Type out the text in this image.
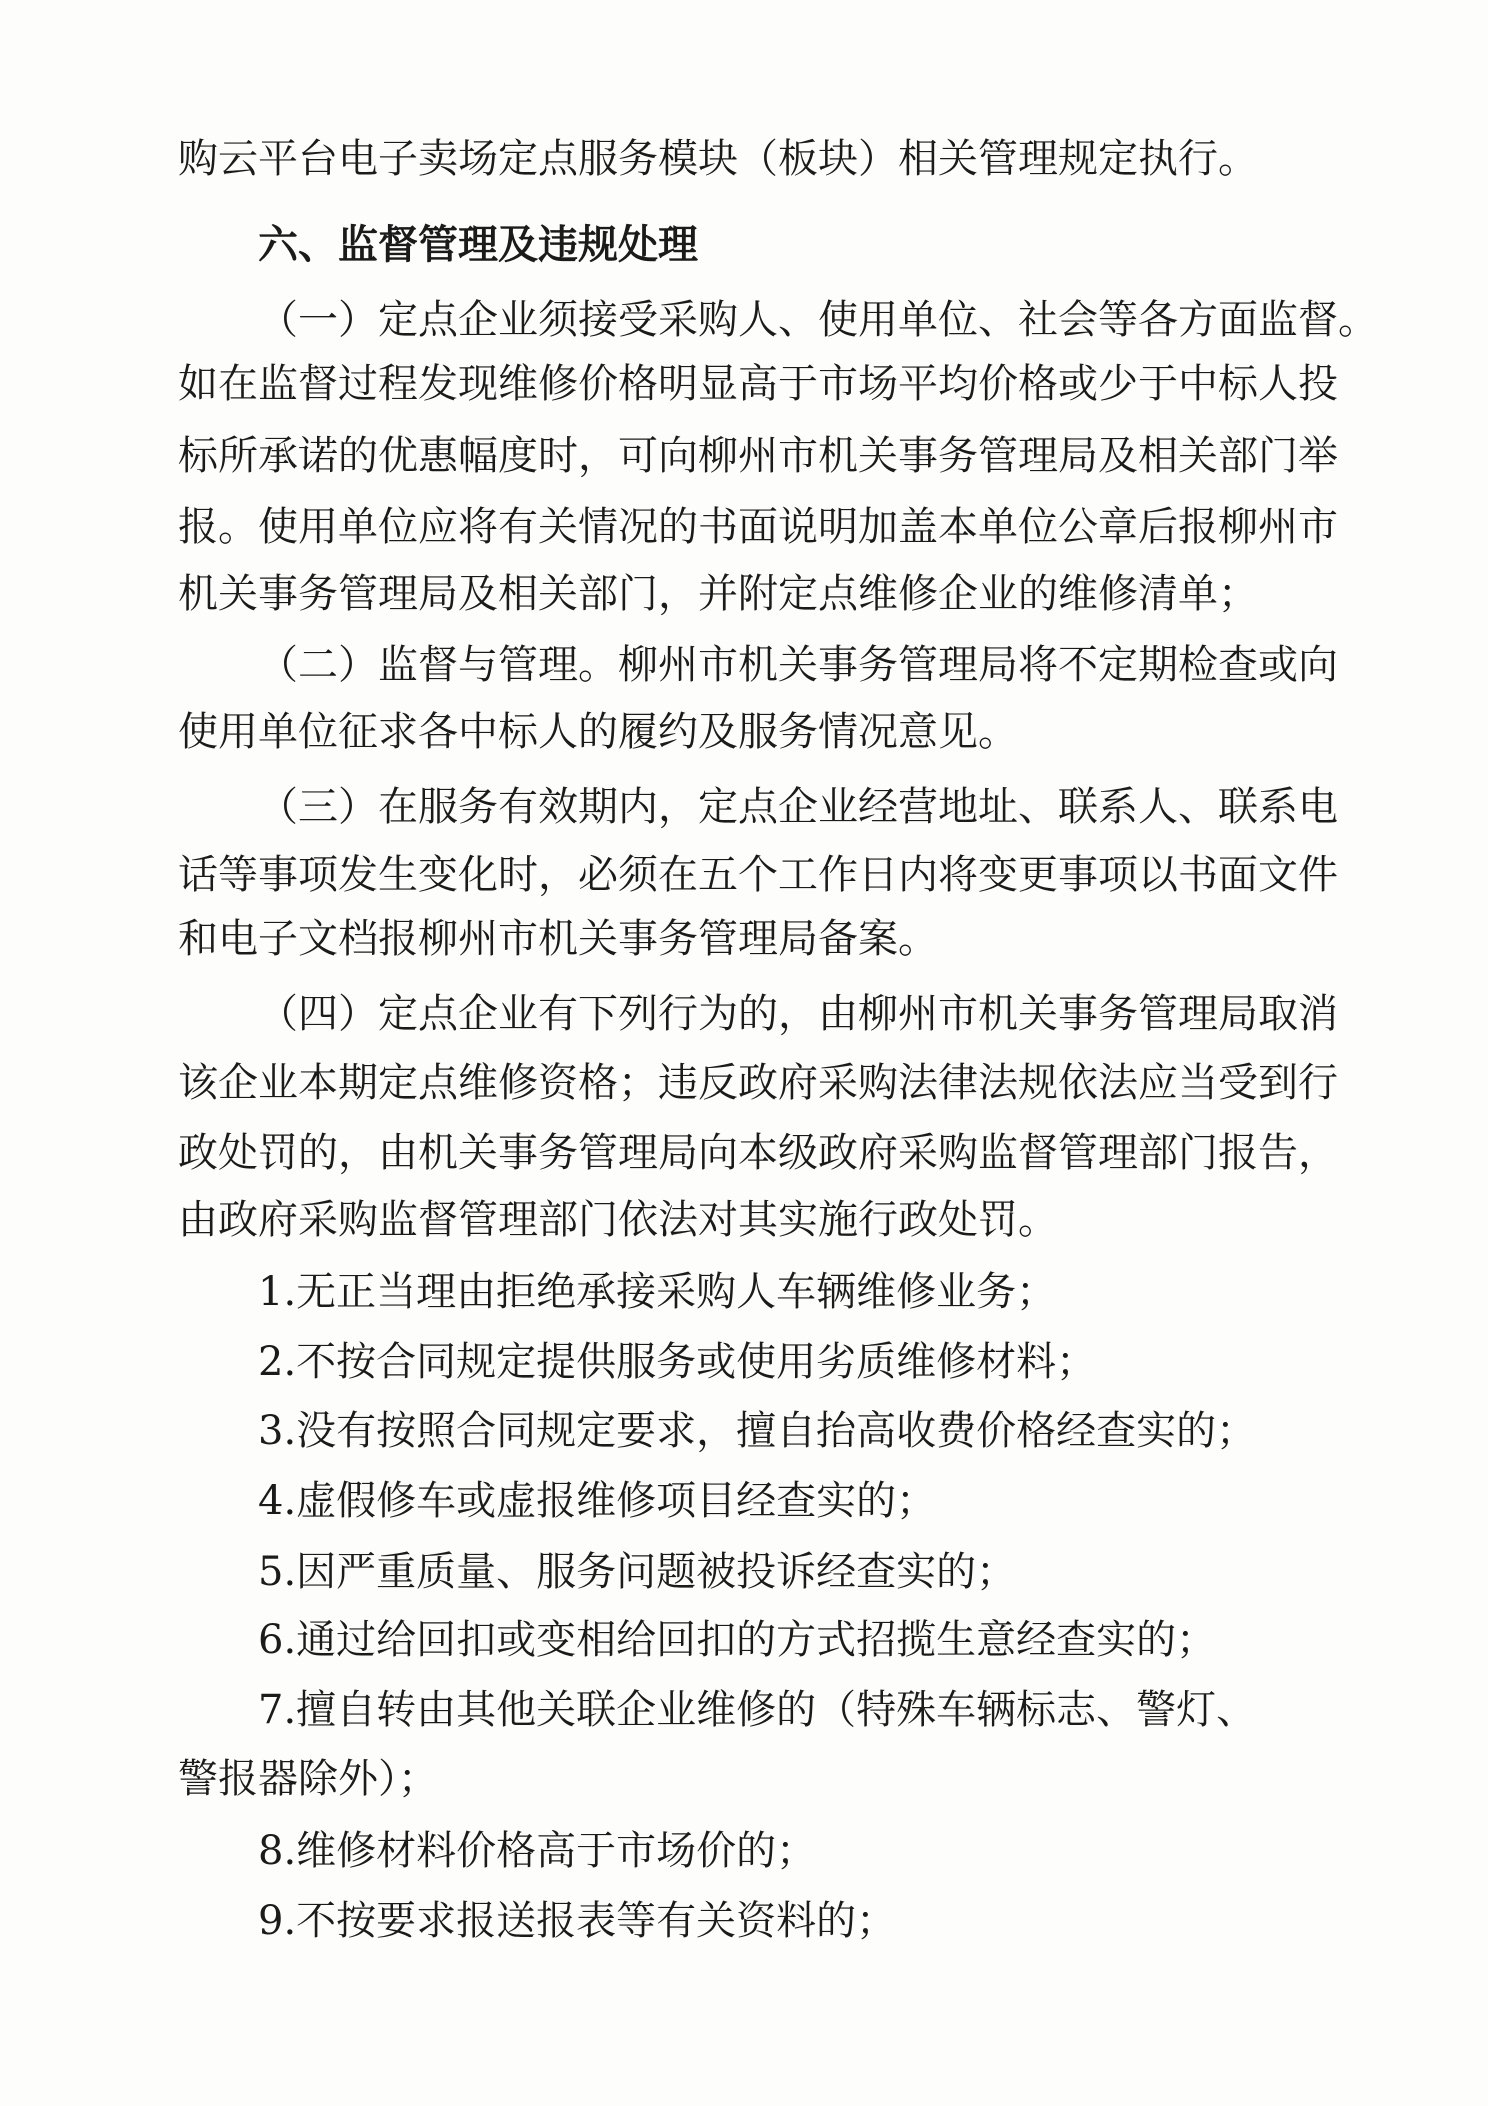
购云平台电子卖场定点服务模块（板块）相关管理规定执行。
六、监督管理及违规处理
（一）定点企业须接受采购人、使用单位、社会等各方面监督。
如在监督过程发现维修价格明显高于市场平均价格或少于中标人投
标所承诺的优惠幅度时，可向柳州市机关事务管理局及相关部门举
报。使用单位应将有关情况的书面说明加盖本单位公章后报柳州市
机关事务管理局及相关部门，并附定点维修企业的维修清单；
（二）监督与管理。柳州市机关事务管理局将不定期检查或向
使用单位征求各中标人的履约及服务情况意见。
（三）在服务有效期内，定点企业经营地址、联系人、联系电
话等事项发生变化时，必须在五个工作日内将变更事项以书面文件
和电子文档报柳州市机关事务管理局备案。
（四）定点企业有下列行为的，由柳州市机关事务管理局取消
该企业本期定点维修资格；违反政府采购法律法规依法应当受到行
政处罚的，由机关事务管理局向本级政府采购监督管理部门报告，
由政府采购监督管理部门依法对其实施行政处罚。
1.无正当理由拒绝承接采购人车辆维修业务；
2.不按合同规定提供服务或使用劣质维修材料；
3.没有按照合同规定要求，擅自抬高收费价格经查实的；
4.虚假修车或虚报维修项目经查实的；
5.因严重质量、服务问题被投诉经查实的；
6.通过给回扣或变相给回扣的方式招揽生意经查实的；
7.擅自转由其他关联企业维修的（特殊车辆标志、警灯、
警报器除外）；
8.维修材料价格高于市场价的；
9.不按要求报送报表等有关资料的；
